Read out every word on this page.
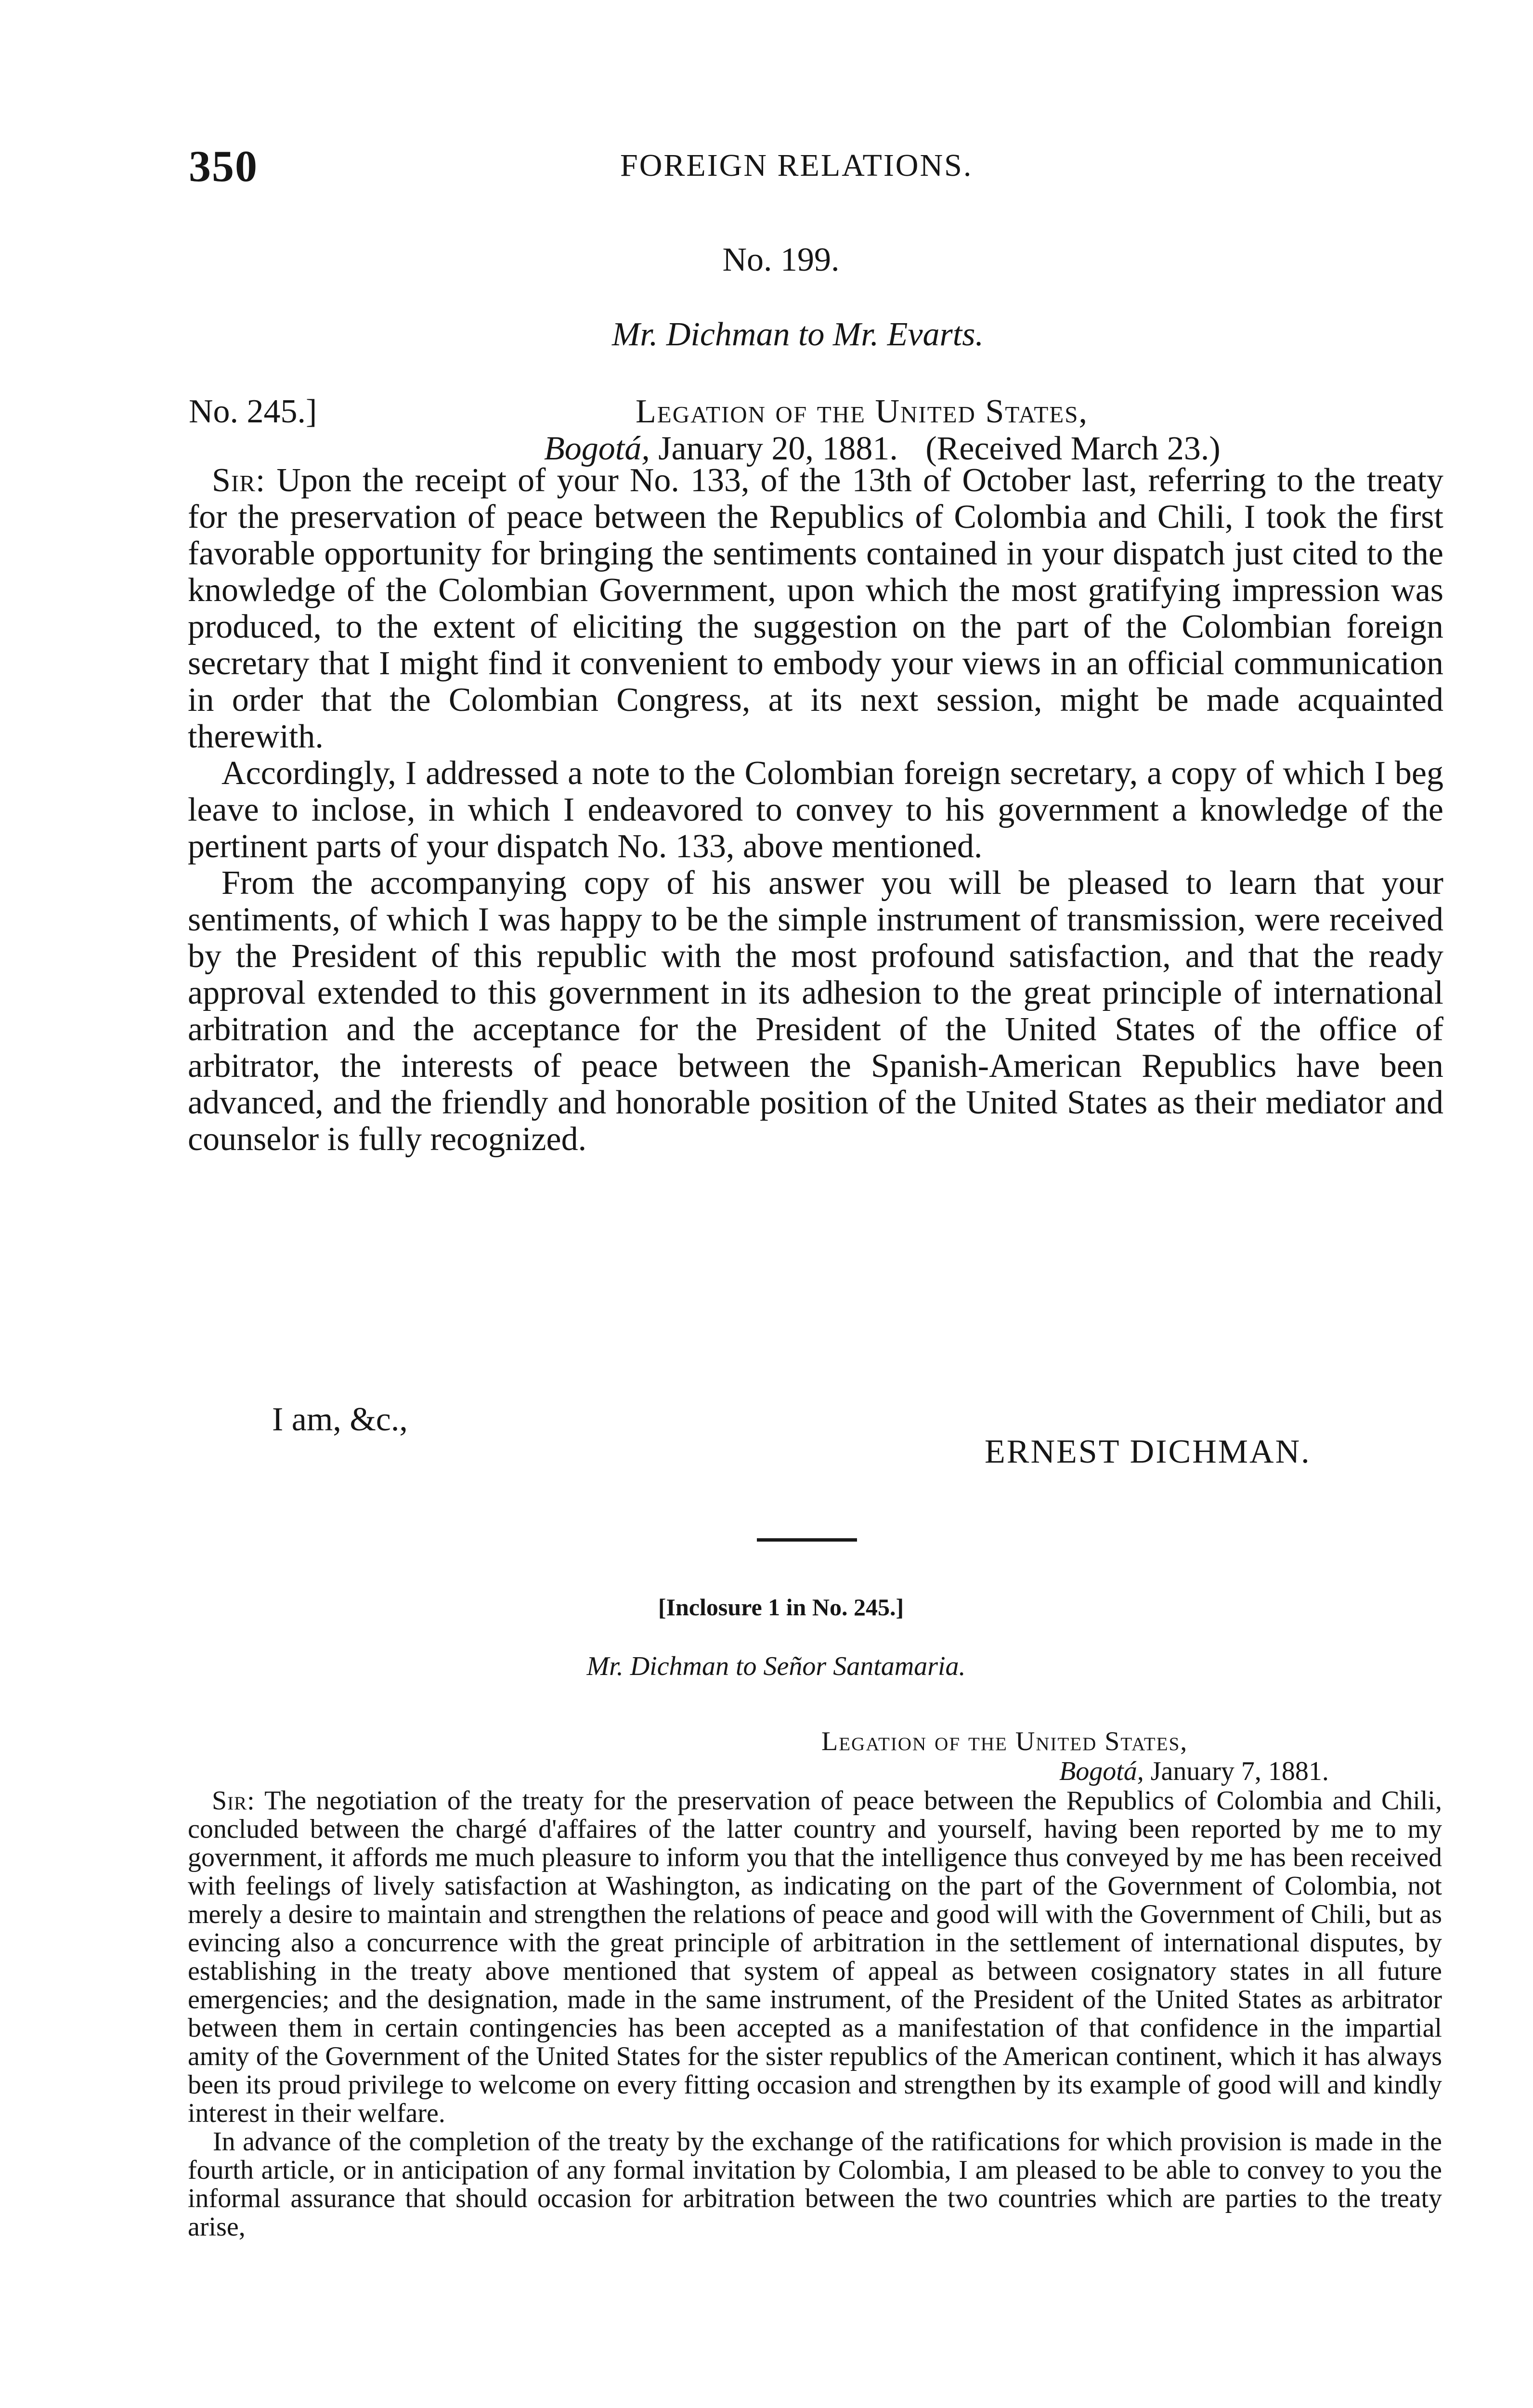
350	FOREIGN RELATIONS.
No. 199.
Mr. Dichman to Mr. Evarts.
No. 245.]	Legation of the United States,
Bogotá, January 20, 1881. (Received March 23.)

Sir: Upon the receipt of your No. 133, of the 13th of October last, referring to the treaty for the preservation of peace between the Republics of Colombia and Chili, I took the first favorable opportunity for bringing the sentiments contained in your dispatch just cited to the knowledge of the Colombian Government, upon which the most gratifying impression was produced, to the extent of eliciting the suggestion on the part of the Colombian foreign secretary that I might find it convenient to embody your views in an official communication in order that the Colombian Congress, at its next session, might be made acquainted therewith.

Accordingly, I addressed a note to the Colombian foreign secretary, a copy of which I beg leave to inclose, in which I endeavored to convey to his government a knowledge of the pertinent parts of your dispatch No. 133, above mentioned.

From the accompanying copy of his answer you will be pleased to learn that your sentiments, of which I was happy to be the simple instrument of transmission, were received by the President of this republic with the most profound satisfaction, and that the ready approval extended to this government in its adhesion to the great principle of international arbitration and the acceptance for the President of the United States of the office of arbitrator, the interests of peace between the Spanish-American Republics have been advanced, and the friendly and honorable position of the United States as their mediator and counselor is fully recognized.

I am, &c.,
ERNEST DICHMAN.
[Inclosure 1 in No. 245.]
Mr. Dichman to Señor Santamaria.
Legation of the United States,
Bogotá, January 7, 1881.

Sir: The negotiation of the treaty for the preservation of peace between the Republics of Colombia and Chili, concluded between the chargé d'affaires of the latter country and yourself, having been reported by me to my government, it affords me much pleasure to inform you that the intelligence thus conveyed by me has been received with feelings of lively satisfaction at Washington, as indicating on the part of the Government of Colombia, not merely a desire to maintain and strengthen the relations of peace and good will with the Government of Chili, but as evincing also a concurrence with the great principle of arbitration in the settlement of international disputes, by establishing in the treaty above mentioned that system of appeal as between cosignatory states in all future emergencies; and the designation, made in the same instrument, of the President of the United States as arbitrator between them in certain contingencies has been accepted as a manifestation of that confidence in the impartial amity of the Government of the United States for the sister republics of the American continent, which it has always been its proud privilege to welcome on every fitting occasion and strengthen by its example of good will and kindly interest in their welfare.

In advance of the completion of the treaty by the exchange of the ratifications for which provision is made in the fourth article, or in anticipation of any formal invitation by Colombia, I am pleased to be able to convey to you the informal assurance that should occasion for arbitration between the two countries which are parties to the treaty arise,
